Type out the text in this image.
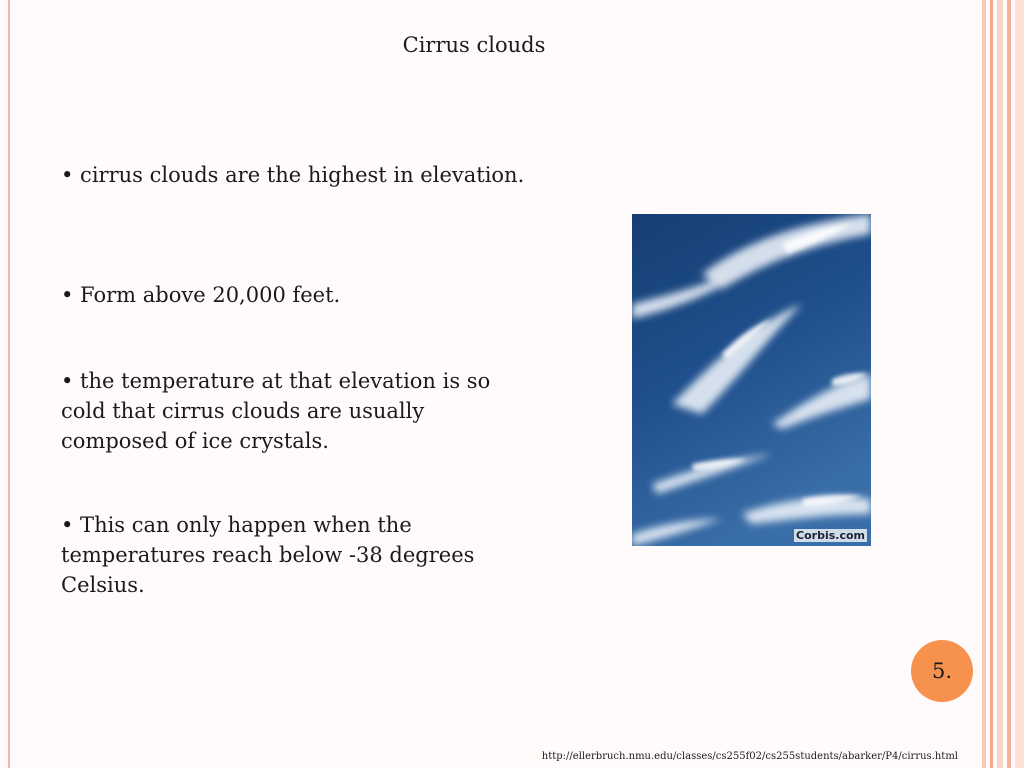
Cirrus clouds

• cirrus clouds are the highest in elevation.

• Form above 20,000 feet.

• the temperature at that elevation is so cold that cirrus clouds are usually composed of ice crystals.

• This can only happen when the temperatures reach below -38 degrees Celsius.

Corbis.com
5.
http://ellerbruch.nmu.edu/classes/cs255f02/cs255students/abarker/P4/cirrus.html
